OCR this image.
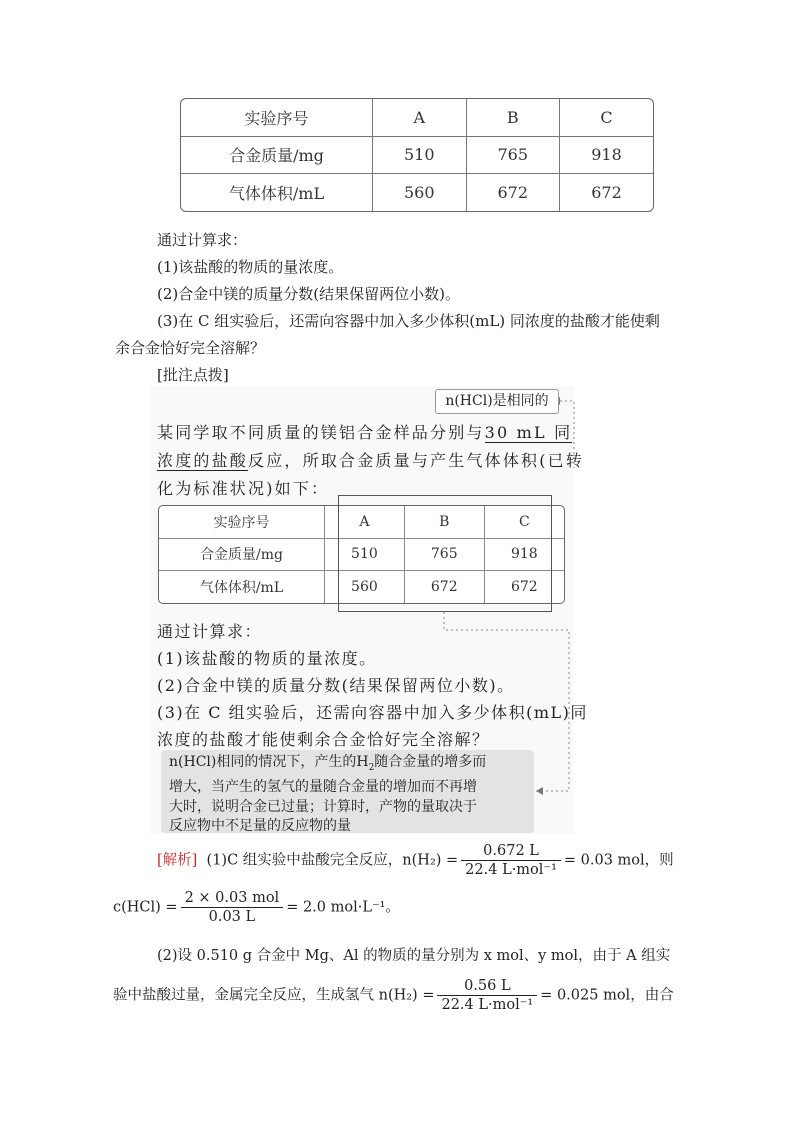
实验序号	A	B	C
合金质量/mg	510	765	918
气体体积/mL	560	672	672
通过计算求：
(1)该盐酸的物质的量浓度。
(2)合金中镁的质量分数(结果保留两位小数)。
(3)在 C 组实验后，还需向容器中加入多少体积(mL) 同浓度的盐酸才能使剩
余合金恰好完全溶解？
[批注点拨]
n(HCl)是相同的
某同学取不同质量的镁铝合金样品分别与30 mL 同
浓度的盐酸反应，所取合金质量与产生气体体积(已转
化为标准状况)如下：
实验序号	A	B	C
合金质量/mg	510	765	918
气体体积/mL	560	672	672
通过计算求：
(1)该盐酸的物质的量浓度。
(2)合金中镁的质量分数(结果保留两位小数)。
(3)在 C 组实验后，还需向容器中加入多少体积(mL)同
浓度的盐酸才能使剩余合金恰好完全溶解？
n(HCl)相同的情况下，产生的$H_2$随合金量的增多而
增大，当产生的氢气的量随合金量的增加而不再增
大时，说明合金已过量；计算时，产物的量取决于
反应物中不足量的反应物的量
[解析] (1)C 组实验中盐酸完全反应，$n(H_2) = \frac{0.672 L}{\text{22.4 L·mol⁻¹}} = 0.03$ mol，则
$c(HCl) = \frac{\text{2 × 0.03 mol}}{0.03 L} = 2.0$ mol·L⁻¹。
(2)设 0.510 g 合金中 Mg、Al 的物质的量分别为 x mol、y mol，由于 A 组实
验中盐酸过量，金属完全反应，生成氢气 $n(H_2) = \frac{0.56 L}{\text{22.4 L·mol⁻¹}} = 0.025$ mol，由合
